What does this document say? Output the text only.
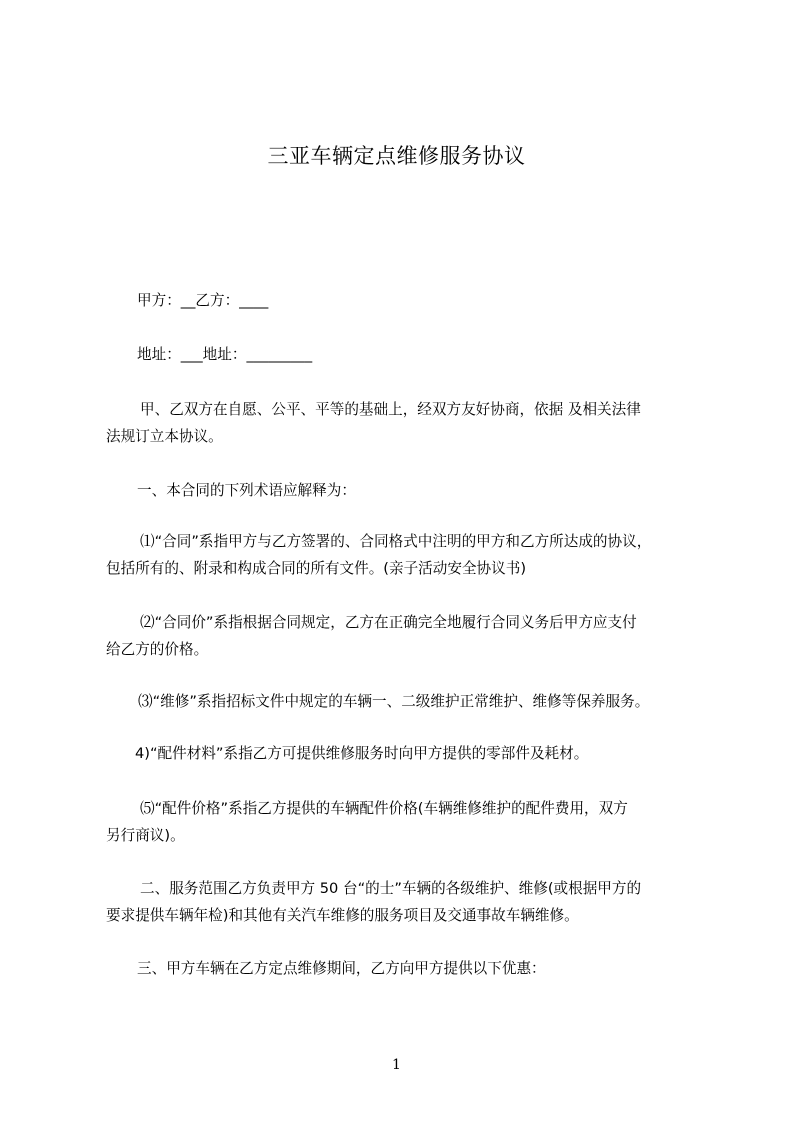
三亚车辆定点维修服务协议
甲方：__乙方：____
地址：___地址：_________
甲、乙双方在自愿、公平、平等的基础上，经双方友好协商，依据 及相关法律
法规订立本协议。
一、本合同的下列术语应解释为：
⑴“合同”系指甲方与乙方签署的、合同格式中注明的甲方和乙方所达成的协议，
包括所有的、附录和构成合同的所有文件。(亲子活动安全协议书)
⑵“合同价”系指根据合同规定，乙方在正确完全地履行合同义务后甲方应支付
给乙方的价格。
⑶“维修”系指招标文件中规定的车辆一、二级维护正常维护、维修等保养服务。
4)“配件材料”系指乙方可提供维修服务时向甲方提供的零部件及耗材。
⑸“配件价格”系指乙方提供的车辆配件价格(车辆维修维护的配件费用，双方
另行商议)。
二、服务范围乙方负责甲方 50 台“的士”车辆的各级维护、维修(或根据甲方的
要求提供车辆年检)和其他有关汽车维修的服务项目及交通事故车辆维修。
三、甲方车辆在乙方定点维修期间，乙方向甲方提供以下优惠：
1
